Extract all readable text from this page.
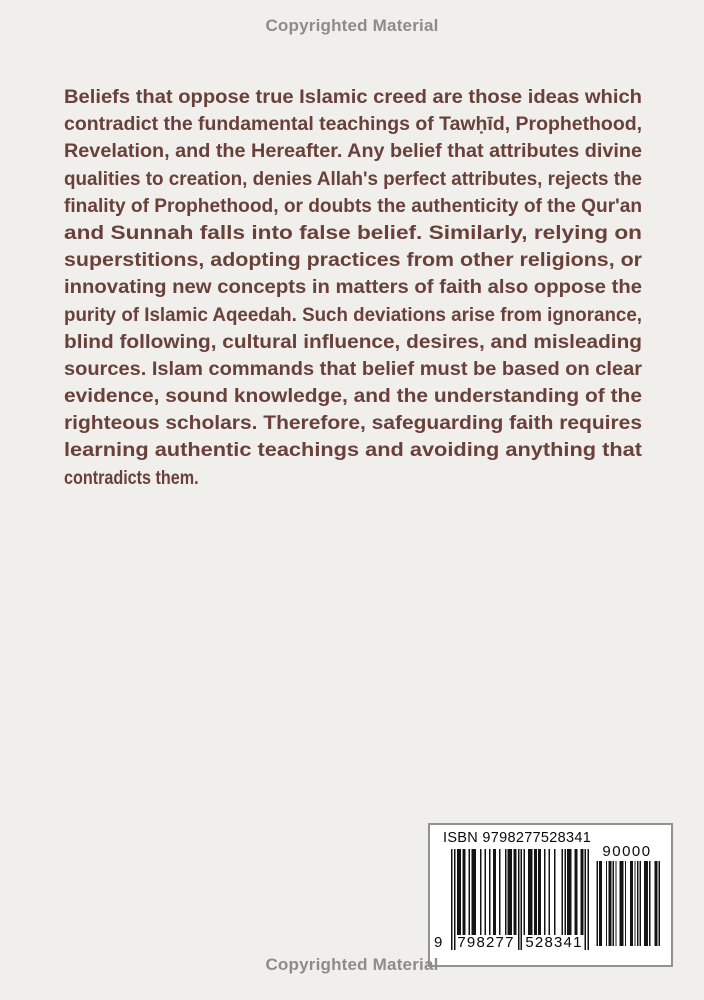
Copyrighted Material
Beliefs that oppose true Islamic creed are those ideas which
contradict the fundamental teachings of Tawḥīd, Prophethood,
Revelation, and the Hereafter. Any belief that attributes divine
qualities to creation, denies Allah's perfect attributes, rejects the
finality of Prophethood, or doubts the authenticity of the Qur'an
and Sunnah falls into false belief. Similarly, relying on
superstitions, adopting practices from other religions, or
innovating new concepts in matters of faith also oppose the
purity of Islamic Aqeedah. Such deviations arise from ignorance,
blind following, cultural influence, desires, and misleading
sources. Islam commands that belief must be based on clear
evidence, sound knowledge, and the understanding of the
righteous scholars. Therefore, safeguarding faith requires
learning authentic teachings and avoiding anything that
contradicts them.
ISBN 9798277528341
9 798277 528341
90000
Copyrighted Material
